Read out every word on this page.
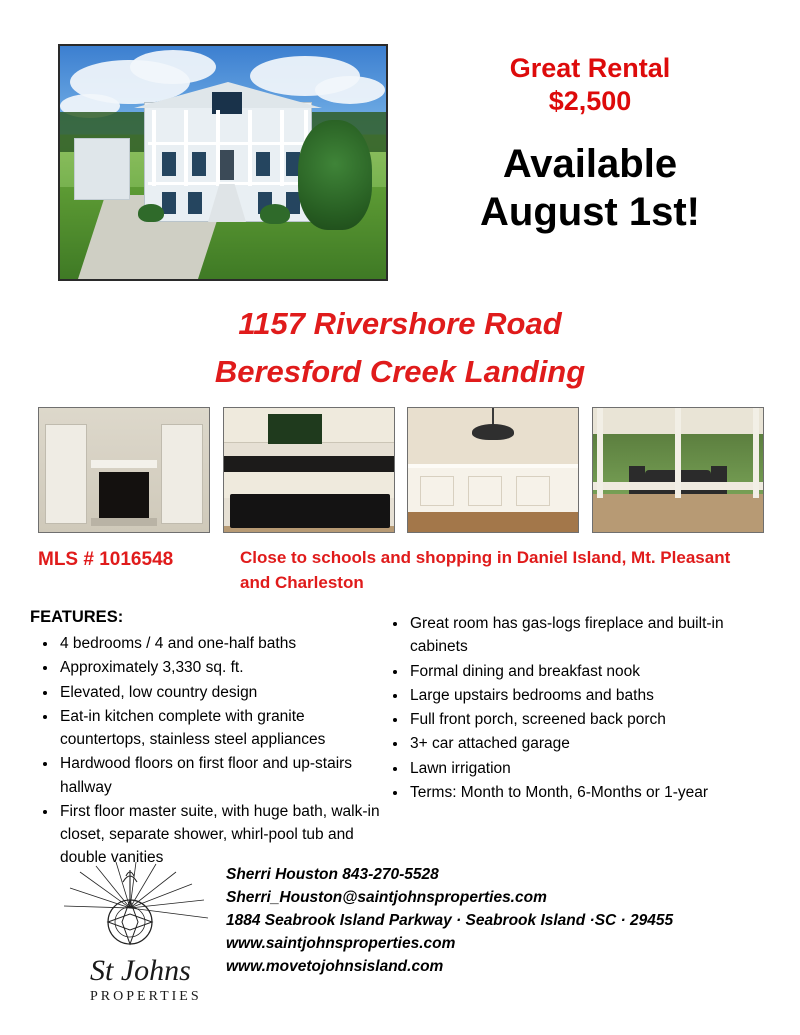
Great Rental
$2,500
Available
August 1st!
1157 Rivershore Road
Beresford Creek Landing
MLS # 1016548	Close to schools and shopping in Daniel Island, Mt. Pleasant and Charleston
FEATURES:
• 4 bedrooms / 4 and one-half baths
• Approximately 3,330 sq. ft.
• Elevated, low country design
• Eat-in kitchen complete with granite countertops, stainless steel appliances
• Hardwood floors on first floor and up-stairs hallway
• First floor master suite, with huge bath, walk-in closet, separate shower, whirl-pool tub and double vanities
• Great room has gas-logs fireplace and built-in cabinets
• Formal dining and breakfast nook
• Large upstairs bedrooms and baths
• Full front porch, screened back porch
• 3+ car attached garage
• Lawn irrigation
• Terms: Month to Month, 6-Months or 1-year
St Johns
PROPERTIES
Sherri Houston 843-270-5528
Sherri_Houston@saintjohnsproperties.com
1884 Seabrook Island Parkway · Seabrook Island ·SC · 29455
www.saintjohnsproperties.com
www.movetojohnsisland.com
